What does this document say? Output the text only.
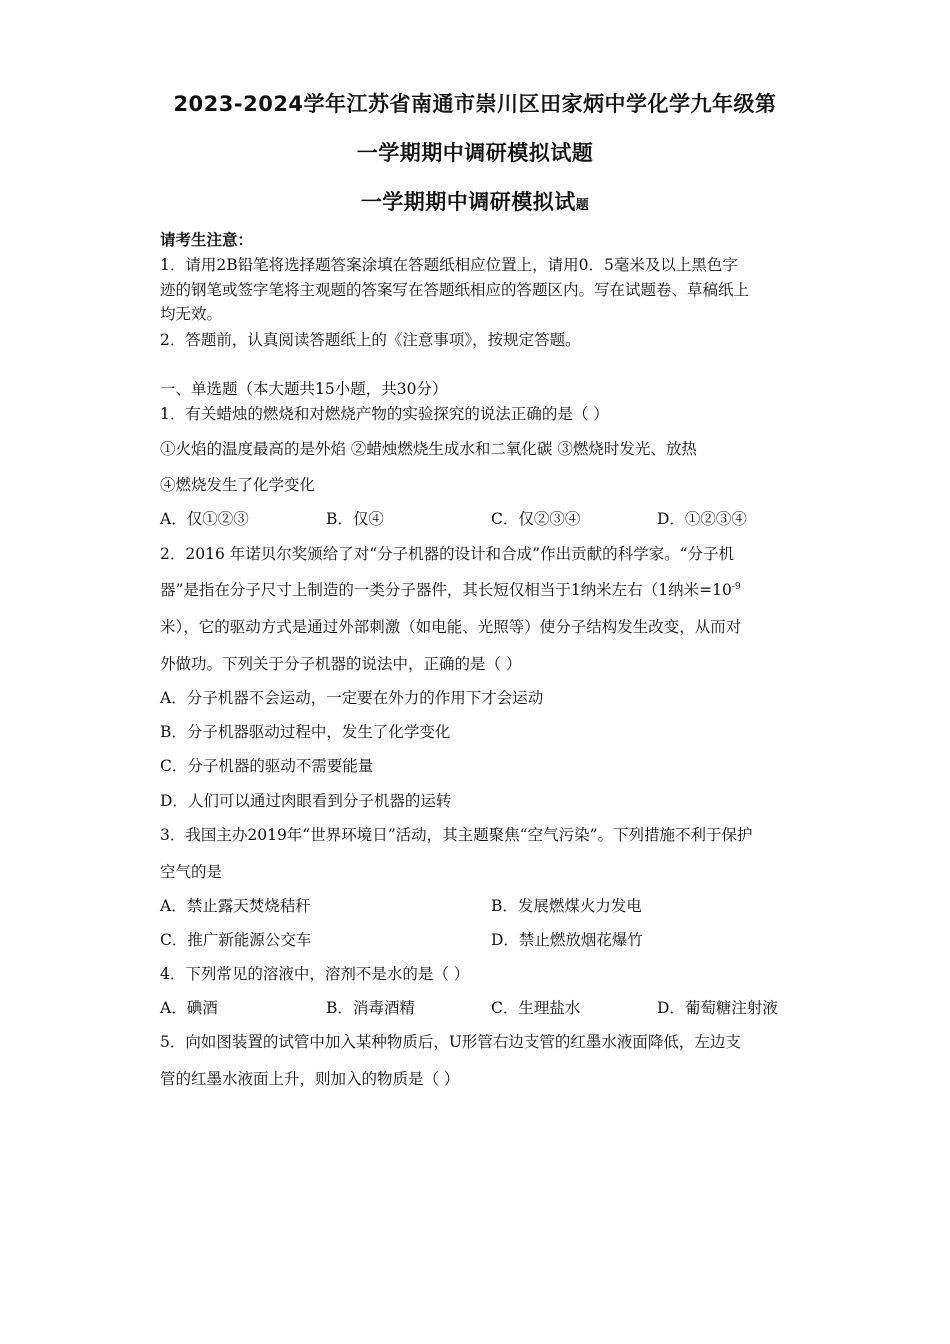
2023-2024学年江苏省南通市崇川区田家炳中学化学九年级第
一学期期中调研模拟试题
一学期期中调研模拟试题
请考生注意：
1．请用2B铅笔将选择题答案涂填在答题纸相应位置上，请用0．5毫米及以上黑色字
迹的钢笔或签字笔将主观题的答案写在答题纸相应的答题区内。写在试题卷、草稿纸上
均无效。
2．答题前，认真阅读答题纸上的《注意事项》，按规定答题。
一、单选题（本大题共15小题，共30分）
1．有关蜡烛的燃烧和对燃烧产物的实验探究的说法正确的是（ ）
①火焰的温度最高的是外焰 ②蜡烛燃烧生成水和二氧化碳 ③燃烧时发光、放热
④燃烧发生了化学变化
A．仅①②③	B．仅④	C．仅②③④	D．①②③④
2．2016 年诺贝尔奖颁给了对“分子机器的设计和合成”作出贡献的科学家。“分子机
器”是指在分子尺寸上制造的一类分子器件，其长短仅相当于1纳米左右（1纳米$=10^{-9}$
米），它的驱动方式是通过外部刺激（如电能、光照等）使分子结构发生改变，从而对
外做功。下列关于分子机器的说法中，正确的是（ ）
A．分子机器不会运动，一定要在外力的作用下才会运动
B．分子机器驱动过程中，发生了化学变化
C．分子机器的驱动不需要能量
D．人们可以通过肉眼看到分子机器的运转
3．我国主办2019年“世界环境日”活动，其主题聚焦“空气污染”。下列措施不利于保护
空气的是
A．禁止露天焚烧秸秆	B．发展燃煤火力发电
C．推广新能源公交车	D．禁止燃放烟花爆竹
4．下列常见的溶液中，溶剂不是水的是（ ）
A．碘酒	B．消毒酒精	C．生理盐水	D．葡萄糖注射液
5．向如图装置的试管中加入某种物质后，U形管右边支管的红墨水液面降低，左边支
管的红墨水液面上升，则加入的物质是（ ）
